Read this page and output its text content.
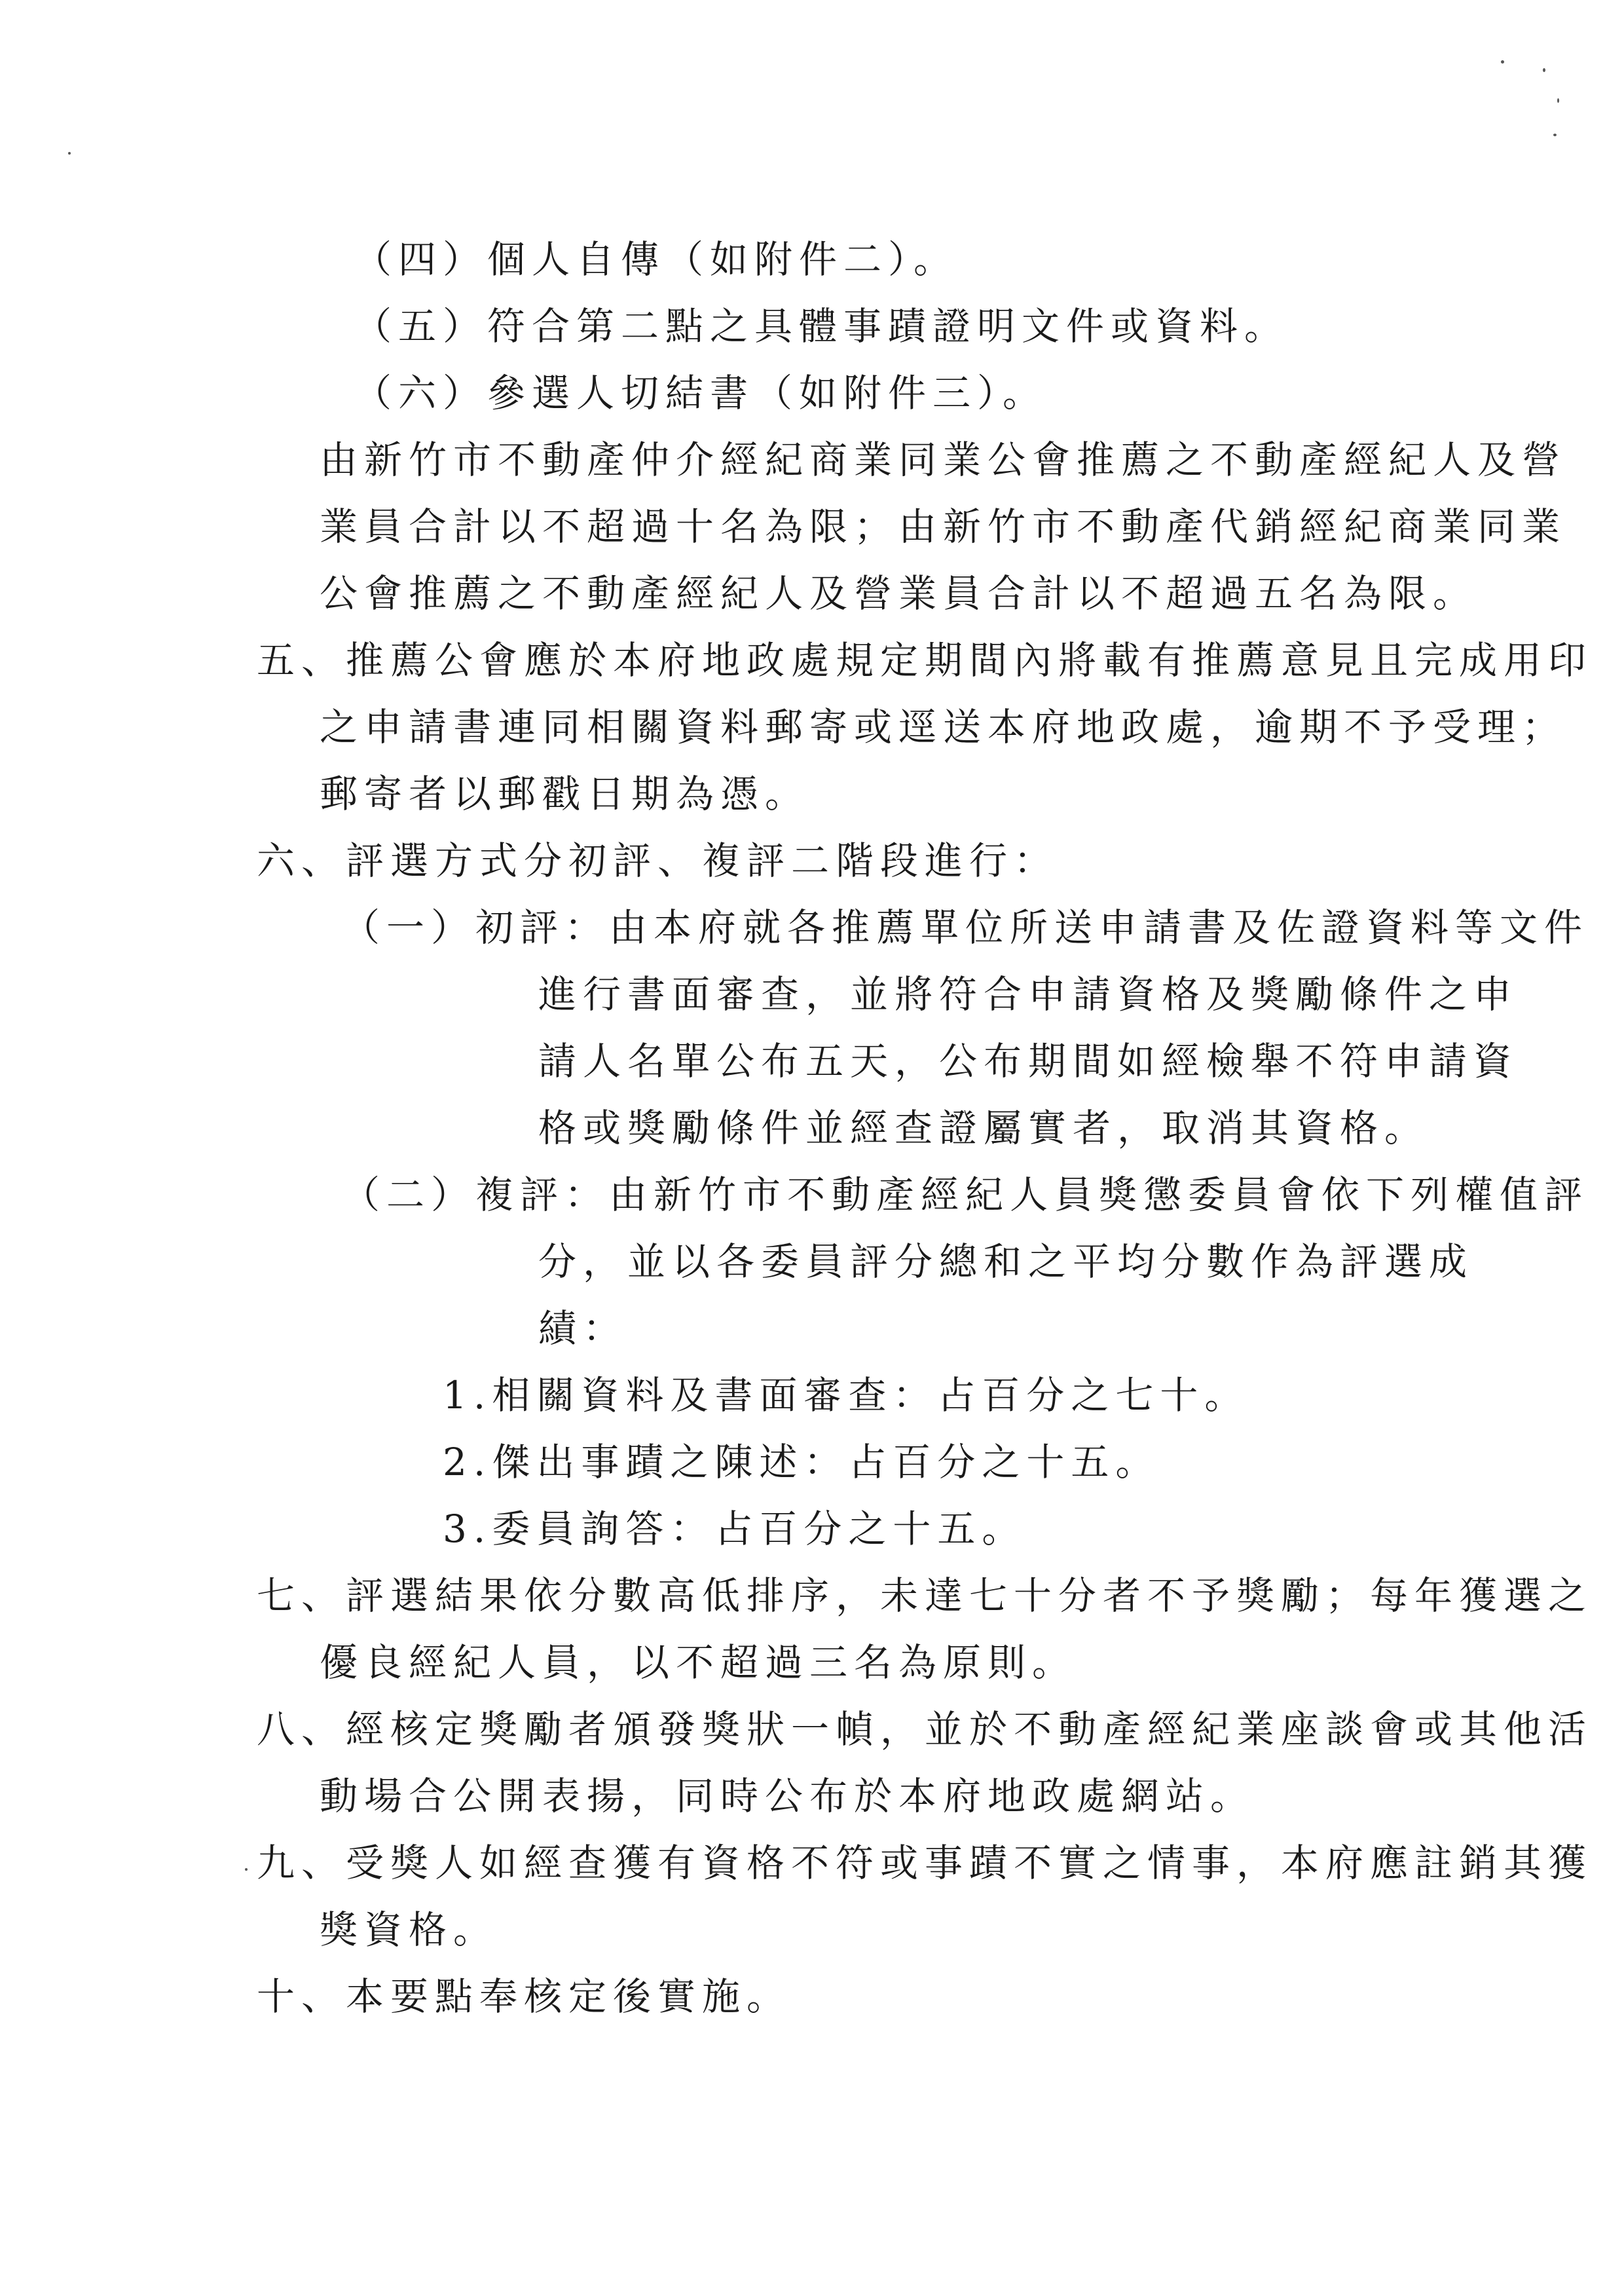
（四）個人自傳（如附件二）。
（五）符合第二點之具體事蹟證明文件或資料。
（六）參選人切結書（如附件三）。
由新竹市不動產仲介經紀商業同業公會推薦之不動產經紀人及營
業員合計以不超過十名為限；由新竹市不動產代銷經紀商業同業
公會推薦之不動產經紀人及營業員合計以不超過五名為限。
五、推薦公會應於本府地政處規定期間內將載有推薦意見且完成用印
之申請書連同相關資料郵寄或逕送本府地政處，逾期不予受理；
郵寄者以郵戳日期為憑。
六、評選方式分初評、複評二階段進行：
（一）初評：由本府就各推薦單位所送申請書及佐證資料等文件
進行書面審查，並將符合申請資格及獎勵條件之申
請人名單公布五天，公布期間如經檢舉不符申請資
格或獎勵條件並經查證屬實者，取消其資格。
（二）複評：由新竹市不動產經紀人員獎懲委員會依下列權值評
分，並以各委員評分總和之平均分數作為評選成
績：
1.相關資料及書面審查：占百分之七十。
2.傑出事蹟之陳述：占百分之十五。
3.委員詢答：占百分之十五。
七、評選結果依分數高低排序，未達七十分者不予獎勵；每年獲選之
優良經紀人員，以不超過三名為原則。
八、經核定獎勵者頒發獎狀一幀，並於不動產經紀業座談會或其他活
動場合公開表揚，同時公布於本府地政處網站。
九、受獎人如經查獲有資格不符或事蹟不實之情事，本府應註銷其獲
獎資格。
十、本要點奉核定後實施。
